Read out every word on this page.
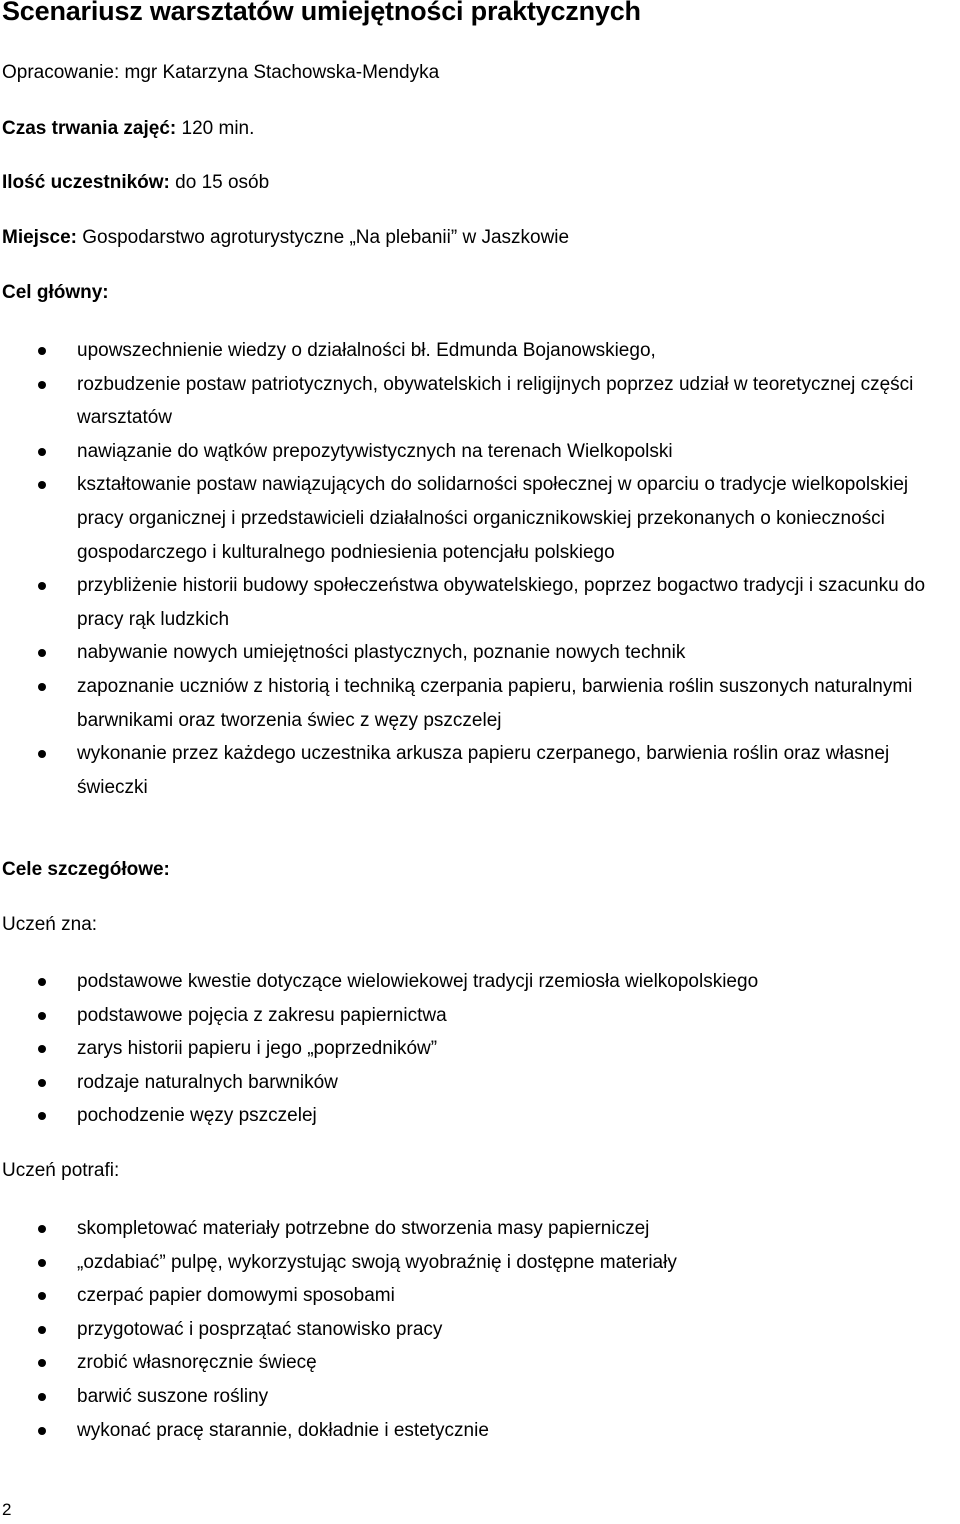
Scenariusz warsztatów umiejętności praktycznych
Opracowanie: mgr Katarzyna Stachowska-Mendyka
Czas trwania zajęć: 120 min.
Ilość uczestników: do 15 osób
Miejsce: Gospodarstwo agroturystyczne „Na plebanii” w Jaszkowie
Cel główny:
upowszechnienie wiedzy o działalności bł. Edmunda Bojanowskiego,
rozbudzenie postaw patriotycznych, obywatelskich i religijnych poprzez udział w teoretycznej części warsztatów
nawiązanie do wątków prepozytywistycznych na terenach Wielkopolski
kształtowanie postaw nawiązujących do solidarności społecznej w oparciu o tradycje wielkopolskiej pracy organicznej i przedstawicieli działalności organicznikowskiej przekonanych o konieczności gospodarczego i kulturalnego podniesienia potencjału polskiego
przybliżenie historii budowy społeczeństwa obywatelskiego, poprzez bogactwo tradycji i szacunku do pracy rąk ludzkich
nabywanie nowych umiejętności plastycznych, poznanie nowych technik
zapoznanie uczniów z historią i techniką czerpania papieru, barwienia roślin suszonych naturalnymi barwnikami oraz tworzenia świec z węzy pszczelej
wykonanie przez każdego uczestnika arkusza papieru czerpanego, barwienia roślin oraz własnej świeczki
Cele szczegółowe:
Uczeń zna:
podstawowe kwestie dotyczące wielowiekowej tradycji rzemiosła wielkopolskiego
podstawowe pojęcia z zakresu papiernictwa
zarys historii papieru i jego „poprzedników”
rodzaje naturalnych barwników
pochodzenie węzy pszczelej
Uczeń potrafi:
skompletować materiały potrzebne do stworzenia masy papierniczej
„ozdabiać” pulpę, wykorzystując swoją wyobraźnię i dostępne materiały
czerpać papier domowymi sposobami
przygotować i posprzątać stanowisko pracy
zrobić własnoręcznie świecę
barwić suszone rośliny
wykonać pracę starannie, dokładnie i estetycznie
2
